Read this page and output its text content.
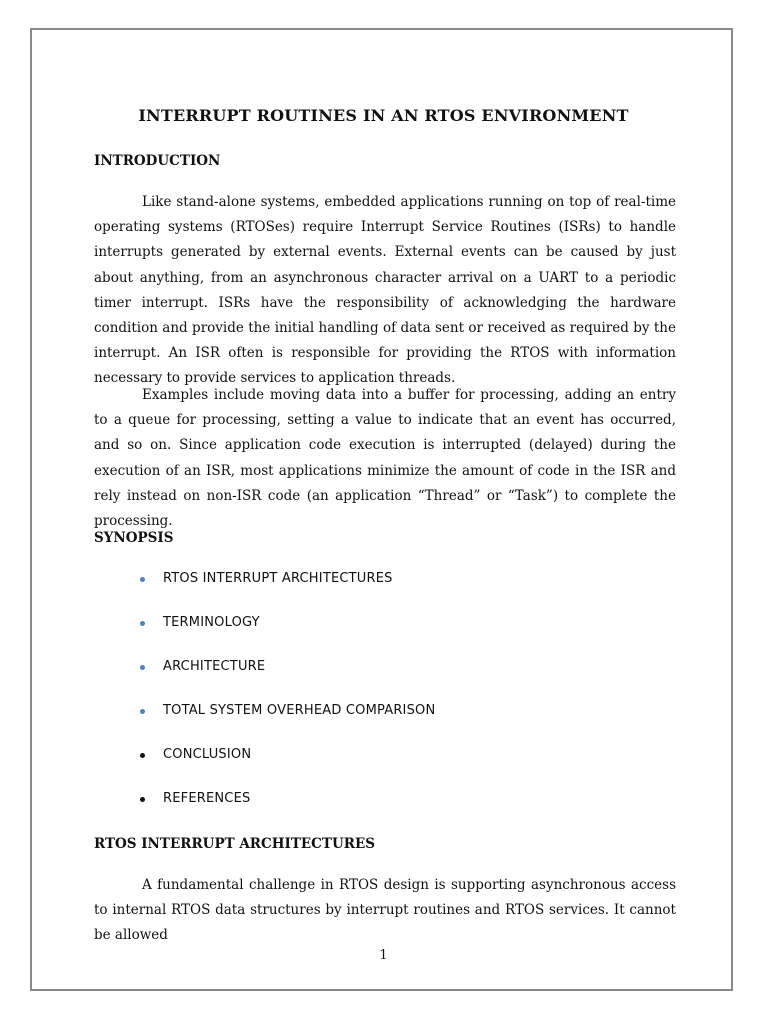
INTERRUPT ROUTINES IN AN RTOS ENVIRONMENT
INTRODUCTION
Like stand-alone systems, embedded applications running on top of real-time operating systems (RTOSes) require Interrupt Service Routines (ISRs) to handle interrupts generated by external events. External events can be caused by just about anything, from an asynchronous character arrival on a UART to a periodic timer interrupt. ISRs have the responsibility of acknowledging the hardware condition and provide the initial handling of data sent or received as required by the interrupt. An ISR often is responsible for providing the RTOS with information necessary to provide services to application threads.
Examples include moving data into a buffer for processing, adding an entry to a queue for processing, setting a value to indicate that an event has occurred, and so on. Since application code execution is interrupted (delayed) during the execution of an ISR, most applications minimize the amount of code in the ISR and rely instead on non-ISR code (an application “Thread” or “Task”) to complete the processing.
SYNOPSIS
RTOS INTERRUPT ARCHITECTURES
TERMINOLOGY
ARCHITECTURE
TOTAL SYSTEM OVERHEAD COMPARISON
CONCLUSION
REFERENCES
RTOS INTERRUPT ARCHITECTURES
A fundamental challenge in RTOS design is supporting asynchronous access to internal RTOS data structures by interrupt routines and RTOS services. It cannot be allowed
1
